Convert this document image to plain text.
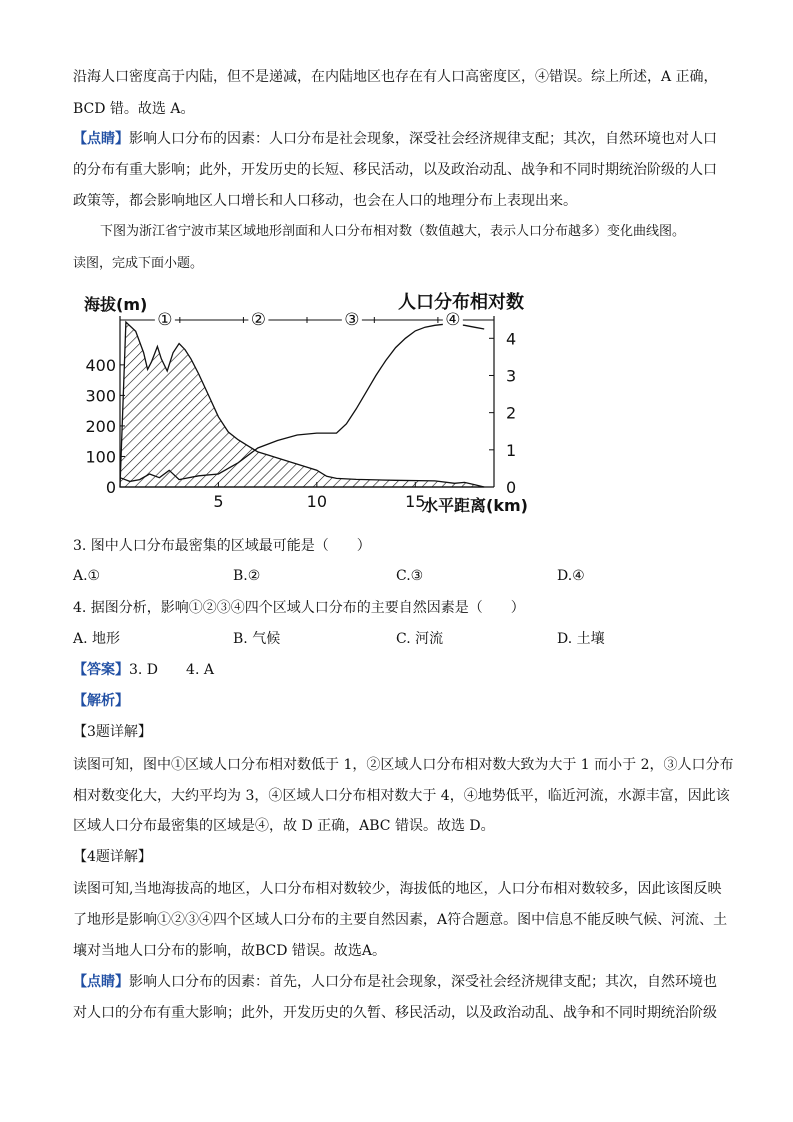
沿海人口密度高于内陆，但不是递减，在内陆地区也存在有人口高密度区，④错误。综上所述，A 正确，
BCD 错。故选 A。
【点睛】影响人口分布的因素：人口分布是社会现象，深受社会经济规律支配；其次，自然环境也对人口
的分布有重大影响；此外，开发历史的长短、移民活动，以及政治动乱、战争和不同时期统治阶级的人口
政策等，都会影响地区人口增长和人口移动，也会在人口的地理分布上表现出来。
下图为浙江省宁波市某区域地形剖面和人口分布相对数（数值越大，表示人口分布越多）变化曲线图。
读图，完成下面小题。
①	②	③	④
0
100
200
300
400
0
1
2
3
4
5	10	15
海拔(m)	人口分布相对数
水平距离(km)
3. 图中人口分布最密集的区域最可能是（　　）
A.①	B.②	C.③	D.④
4. 据图分析，影响①②③④四个区域人口分布的主要自然因素是（　　）
A. 地形	B. 气候	C. 河流	D. 土壤
【答案】3. D　　4. A
【解析】
【3题详解】
读图可知，图中①区域人口分布相对数低于 1，②区域人口分布相对数大致为大于 1 而小于 2，③人口分布
相对数变化大，大约平均为 3，④区域人口分布相对数大于 4，④地势低平，临近河流，水源丰富，因此该
区域人口分布最密集的区域是④，故 D 正确，ABC 错误。故选 D。
【4题详解】
读图可知,当地海拔高的地区，人口分布相对数较少，海拔低的地区，人口分布相对数较多，因此该图反映
了地形是影响①②③④四个区域人口分布的主要自然因素，A符合题意。图中信息不能反映气候、河流、土
壤对当地人口分布的影响，故BCD 错误。故选A。
【点睛】影响人口分布的因素：首先，人口分布是社会现象，深受社会经济规律支配；其次，自然环境也
对人口的分布有重大影响；此外，开发历史的久暂、移民活动，以及政治动乱、战争和不同时期统治阶级
